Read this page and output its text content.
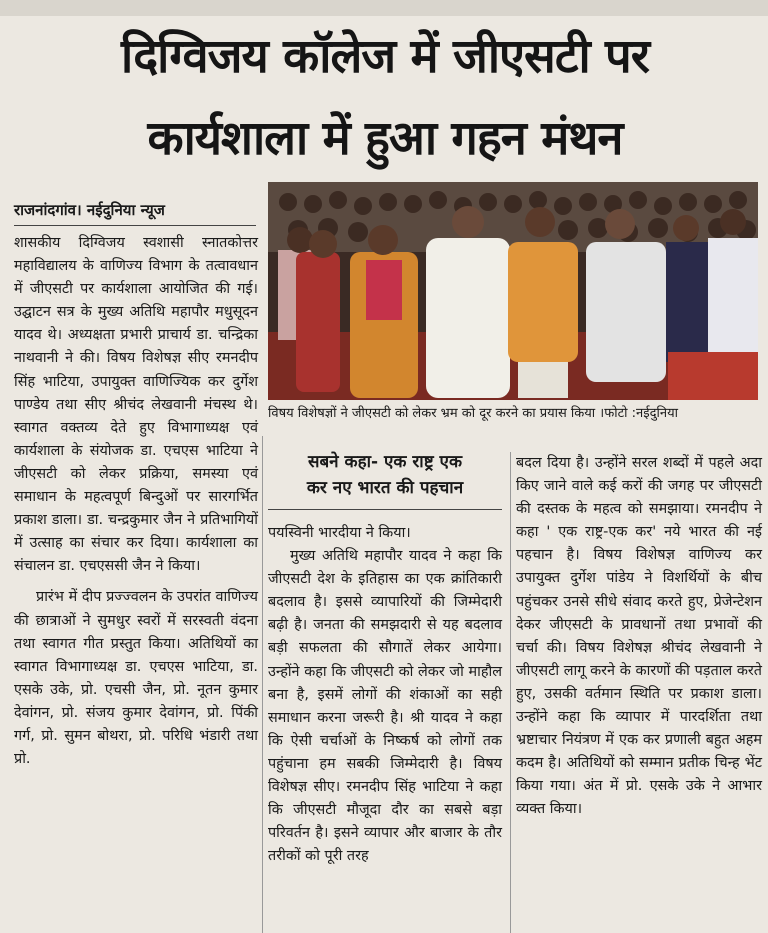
दिग्विजय कॉलेज में जीएसटी पर
कार्यशाला में हुआ गहन मंथन
राजनांदगांव। नईदुनिया न्यूज

शासकीय दिग्विजय स्वशासी स्नातकोत्तर महाविद्यालय के वाणिज्य विभाग के तत्वावधान में जीएसटी पर कार्यशाला आयोजित की गई। उद्घाटन सत्र के मुख्य अतिथि महापौर मधुसूदन यादव थे। अध्यक्षता प्रभारी प्राचार्य डा. चन्द्रिका नाथवानी ने की। विषय विशेषज्ञ सीए रमनदीप सिंह भाटिया, उपायुक्त वाणिज्यिक कर दुर्गेश पाण्डेय तथा सीए श्रीचंद लेखवानी मंचस्थ थे। स्वागत वक्तव्य देते हुए विभागाध्यक्ष एवं कार्यशाला के संयोजक डा. एचएस भाटिया ने जीएसटी को लेकर प्रक्रिया, समस्या एवं समाधान के महत्वपूर्ण बिन्दुओं पर सारगर्भित प्रकाश डाला। डा. चन्द्रकुमार जैन ने प्रतिभागियों में उत्साह का संचार कर दिया। कार्यशाला का संचालन डा. एचएससी जैन ने किया।

प्रारंभ में दीप प्रज्ज्वलन के उपरांत वाणिज्य की छात्राओं ने सुमधुर स्वरों में सरस्वती वंदना तथा स्वागत गीत प्रस्तुत किया। अतिथियों का स्वागत विभागाध्यक्ष डा. एचएस भाटिया, डा. एसके उके, प्रो. एचसी जैन, प्रो. नूतन कुमार देवांगन, प्रो. संजय कुमार देवांगन, प्रो. पिंकी गर्ग, प्रो. सुमन बोथरा, प्रो. परिधि भंडारी तथा प्रो.

विषय विशेषज्ञों ने जीएसटी को लेकर भ्रम को दूर करने का प्रयास किया ।फोटो :नईदुनिया
सबने कहा- एक राष्ट्र एक
कर नए भारत की पहचान

पयस्विनी भारदीया ने किया।

मुख्य अतिथि महापौर यादव ने कहा कि जीएसटी देश के इतिहास का एक क्रांतिकारी बदलाव है। इससे व्यापारियों की जिम्मेदारी बढ़ी है। जनता की समझदारी से यह बदलाव बड़ी सफलता की सौगातें लेकर आयेगा। उन्होंने कहा कि जीएसटी को लेकर जो माहौल बना है, इसमें लोगों की शंकाओं का सही समाधान करना जरूरी है। श्री यादव ने कहा कि ऐसी चर्चाओं के निष्कर्ष को लोगों तक पहुंचाना हम सबकी जिम्मेदारी है। विषय विशेषज्ञ सीए। रमनदीप सिंह भाटिया ने कहा कि जीएसटी मौजूदा दौर का सबसे बड़ा परिवर्तन है। इसने व्यापार और बाजार के तौर तरीकों को पूरी तरह

बदल दिया है। उन्होंने सरल शब्दों में पहले अदा किए जाने वाले कई करों की जगह पर जीएसटी की दस्तक के महत्व को समझाया। रमनदीप ने कहा ' एक राष्ट्र-एक कर' नये भारत की नई पहचान है। विषय विशेषज्ञ वाणिज्य कर उपायुक्त दुर्गेश पांडेय ने विशर्थियों के बीच पहुंचकर उनसे सीधे संवाद करते हुए, प्रेजेन्टेशन देकर जीएसटी के प्रावधानों तथा प्रभावों की चर्चा की। विषय विशेषज्ञ श्रीचंद लेखवानी ने जीएसटी लागू करने के कारणों की पड़ताल करते हुए, उसकी वर्तमान स्थिति पर प्रकाश डाला। उन्होंने कहा कि व्यापार में पारदर्शिता तथा भ्रष्टाचार नियंत्रण में एक कर प्रणाली बहुत अहम कदम है। अतिथियों को सम्मान प्रतीक चिन्ह भेंट किया गया। अंत में प्रो. एसके उके ने आभार व्यक्त किया।
